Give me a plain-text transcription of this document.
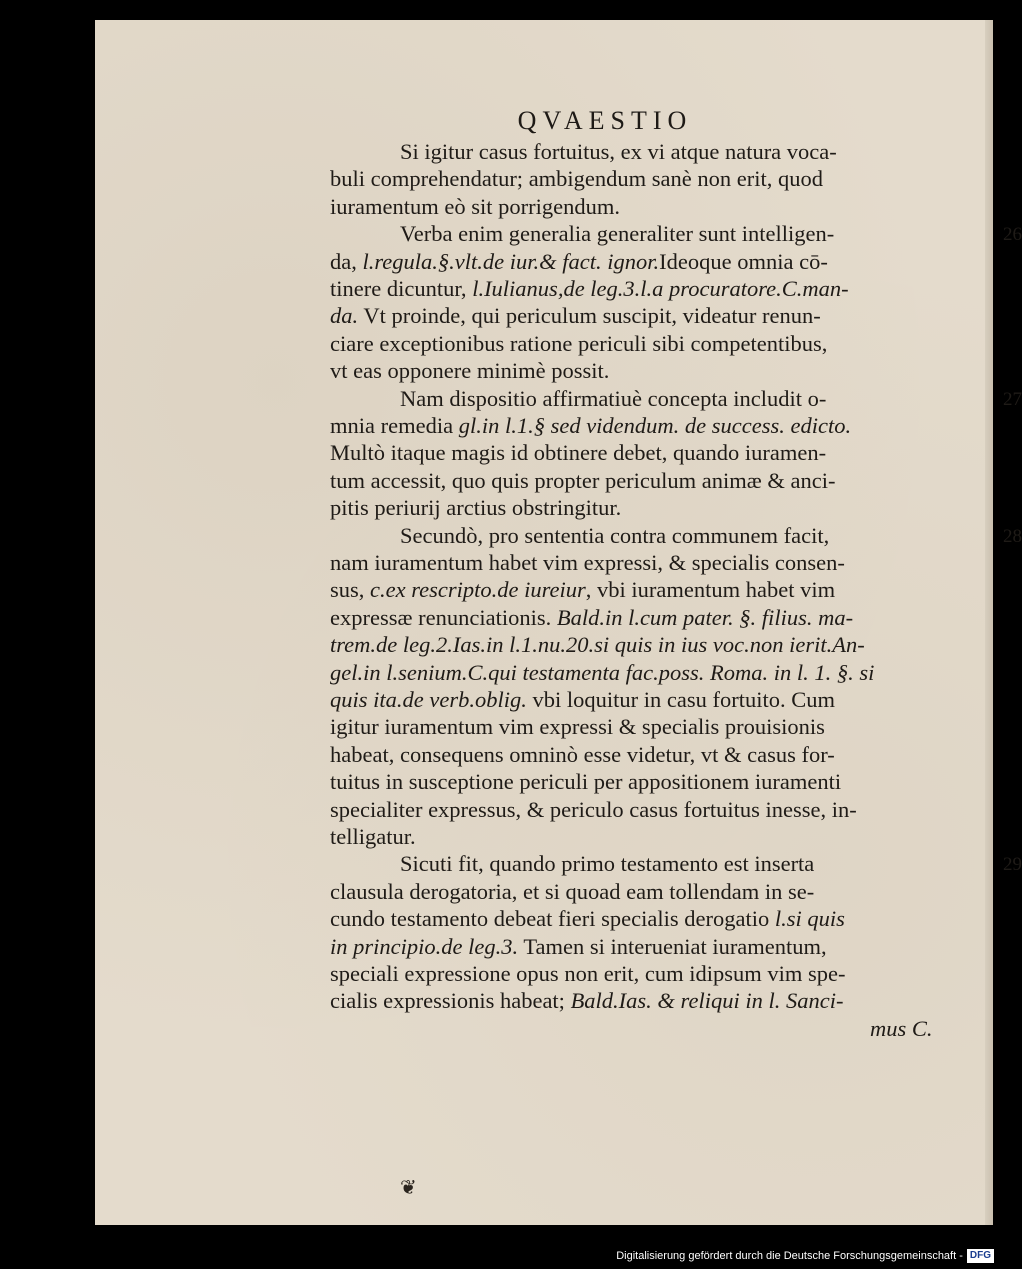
QVAESTIO
Si igitur casus fortuitus, ex vi atque natura voca-
buli comprehendatur; ambigendum sanè non erit, quod
iuramentum eò sit porrigendum.
Verba enim generalia generaliter sunt intelligen-
da, l.regula.§.vlt.de iur.& fact. ignor.Ideoque omnia cō-
tinere dicuntur, l.Iulianus,de leg.3.l.a procuratore.C.man-
da. Vt proinde, qui periculum suscipit, videatur renun-
ciare exceptionibus ratione periculi sibi competentibus,
vt eas opponere minimè possit.
Nam dispositio affirmatiuè concepta includit o-
mnia remedia gl.in l.1.§ sed videndum. de success. edicto.
Multò itaque magis id obtinere debet, quando iuramen-
tum accessit, quo quis propter periculum animæ & anci-
pitis periurij arctius obstringitur.
Secundò, pro sententia contra communem facit,
nam iuramentum habet vim expressi, & specialis consen-
sus, c.ex rescripto.de iureiur, vbi iuramentum habet vim
expressæ renunciationis. Bald.in l.cum pater. §. filius. ma-
trem.de leg.2.Ias.in l.1.nu.20.si quis in ius voc.non ierit.An-
gel.in l.senium.C.qui testamenta fac.poss. Roma. in l. 1. §. si
quis ita.de verb.oblig. vbi loquitur in casu fortuito. Cum
igitur iuramentum vim expressi & specialis prouisionis
habeat, consequens omninò esse videtur, vt & casus for-
tuitus in susceptione periculi per appositionem iuramenti
specialiter expressus, & periculo casus fortuitus inesse, in-
telligatur.
Sicuti fit, quando primo testamento est inserta
clausula derogatoria, et si quoad eam tollendam in se-
cundo testamento debeat fieri specialis derogatio l.si quis
in principio.de leg.3. Tamen si interueniat iuramentum,
speciali expressione opus non erit, cum idipsum vim spe-
cialis expressionis habeat; Bald.Ias. & reliqui in l. Sanci-
mus C.
26
27
28
29
❦
Digitalisierung gefördert durch die Deutsche Forschungsgemeinschaft - DFG
